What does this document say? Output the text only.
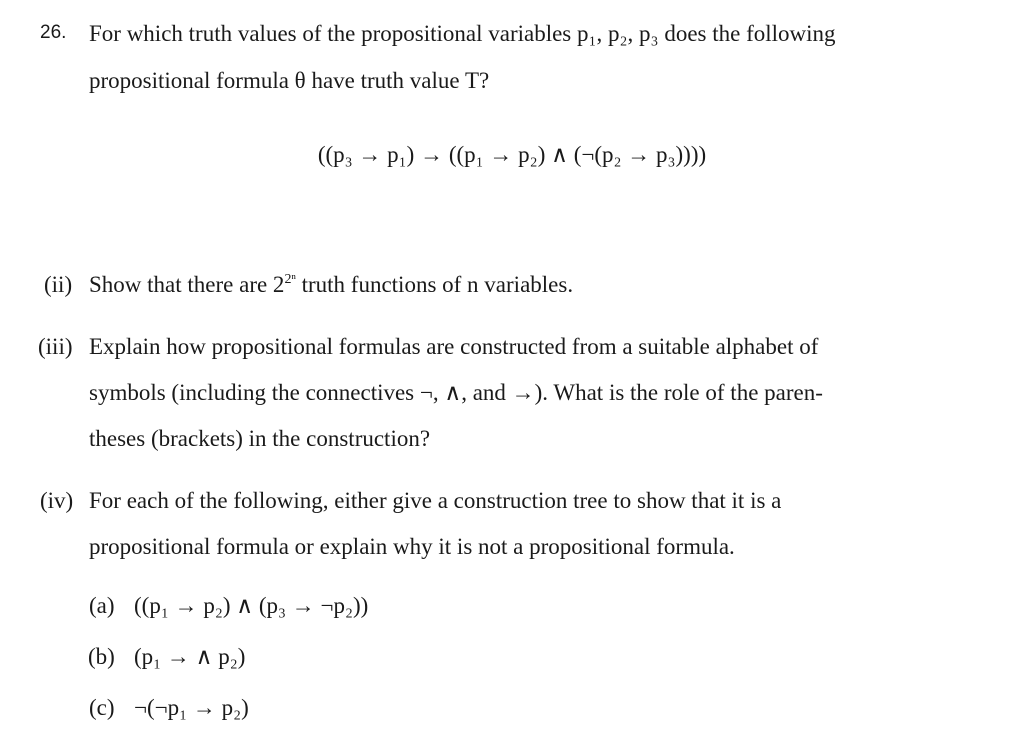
26. For which truth values of the propositional variables p₁, p₂, p₃ does the following
propositional formula θ have truth value T?
((p₃ → p₁) → ((p₁ → p₂) ∧ (¬(p₂ → p₃))))
(ii) Show that there are $2^{2^n}$ truth functions of n variables.
(iii) Explain how propositional formulas are constructed from a suitable alphabet of
symbols (including the connectives ¬, ∧, and →). What is the role of the paren-
theses (brackets) in the construction?
(iv) For each of the following, either give a construction tree to show that it is a
propositional formula or explain why it is not a propositional formula.
(a) ((p₁ → p₂) ∧ (p₃ → ¬p₂))
(b) (p₁ → ∧ p₂)
(c) ¬(¬p₁ → p₂)
